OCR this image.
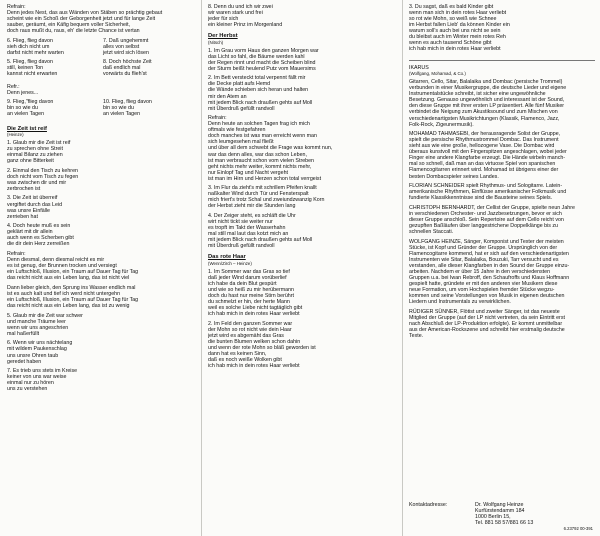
Refrain:

Denn jedes Nest, das aus Wänden von Stäben so prächtig gebaut
scheint wie ein Schoß der Geborgenheit jetzt und für lange Zeit
sauber, geräumt, ein Käfig bequem voller Sicherheit,
doch raus mußt du, raus, eh' die letzte Chance ist vertan

6. Flieg, flieg davon
sieh dich nicht um
darfst nicht mehr warten

7. Daß ungehemmt
alles von selbst
jetzt wird sich lösen

5. Flieg, flieg davon
still, keinen Ton
kannst nicht erwarten

8. Doch höchste Zeit
daß endlich mal
vorwärts du flieh'st

Refr.:
Denn jenes...

9. Flieg,"flieg davon
bin so wie du
an vielen Tagen

10. Flieg, flieg davon
bin so wie du
an vielen Tagen

Die Zeit ist reif

(Heinze)

1. Glaub mir die Zeit ist reif
zu sprechen ohne Streit
einmal Bilanz zu ziehen
ganz ohne Bitterkeit

2. Einmal den Tisch zu kehren
doch nicht vom Tisch zu fegen
was zwischen dir und mir
zerbrochen ist

3. Die Zeit ist überreif
vergiftet durch das Leid
was unsre Einfälle
zerrieben hat

4. Doch heute muß es sein
geklärt mit dir allein
auch wenn es Scherben gibt
die dir dein Herz zerreißen

Refrain:

Denn diesmal, denn diesmal reicht es mir
es ist genug, der Brunnen trocken und versiegt
ein Luftschloß, Illusion, ein Traum auf Dauer Tag für Tag
das reicht nicht aus ein Leben lang, das ist nicht viel

Dann lieber gleich, den Sprung ins Wasser endlich mal
ist es auch kalt und tief ich werd nicht untergehn
ein Luftschloß, Illusion, ein Traum auf Dauer Tag für Tag
das reicht nicht aus ein Leben lang, das ist zu wenig

5. Glaub mir die Zeit war schwer
und manche Träume leer
wenn wir uns angeschrien
mal haßerfüllt

6. Wenn wir uns nächtelang
mit wildem Paukenschlag
uns unsre Ohren taub
geredet haben

7. Es trieb uns stets im Kreise
keiner von uns war weise
einmal nur zu hören
uns zu verstehen

8. Denn du und ich wir zwei
wir waren stark und frei
jeder für sich
ein kleiner Prinz im Morgenland

Der Herbst

(Nitsch)

1. Im Grau vorm Haus den ganzen Morgen war
das Licht so fahl, die Bäume werden kahl
der Regen rinnt und macht die Scheiben blind
der Sturm beißt heulend Putz vom Mauersims

2. Im Bett versteckt total verpennt fällt mir
die Decke platt aufs Hemd
die Wände schieben sich heran und halten
mir den Atem an
mit jedem Blick nach draußen gehts auf Moll
mit Überdruß gefüllt randvoll

Refrain:

Denn heute an solchen Tagen frag ich mich
oftmals wie festgefahren
doch manches ist was man erreicht wenn man
sich leumgesehen mal fließt
und über all dem schwebt die Frage was kommt nun,
war das denn alles, war das schon Leben,
ist man verbraucht schon vom vielen Streben
geht nichts mehr weiter, kommt nichts mehr,
nur Einlopf Tag und Nacht vergeht
ist man im Hirn und Herzen schon total verrgeist

3. Im Flur da zieht's mit schrillem Pfeifen knallt
naßkalter Wind durch Tür und Fensterspalt
mich friert's trotz Schal und zweiundzwanzig Korn
der Herbst zieht mir die Stunden lang

4. Der Zeiger steht, es schläft die Uhr
wirt nicht tickt sie weiter nur
es tropft im Takt der Wasserhahn
mal still mal laut das kotzt mich an
mit jedem Blick nach draußen gehts auf Moll
mit Überdruß gefüllt randvoll

Das rote Haar

(Wenn/Zirch – Heinze)

1. Im Sommer war das Gras so tief
daß jeder Wind darum vorüberlief
ich habe da dein Blut gespürt
und wie so heiß zu mir herübermann
doch du hast nur meine Stirn berührt
du schmelzt er hin, der herte Mann
weil es solche Liebe nicht tagtäglich gibt
ich hab mich in dein rotes Haar verliebt

2. Im Feld den ganzen Sommer war
der Mohn so rot nicht wie dein Haar
jetzt wird es abgemäht das Gras
die bunten Blumen welken schon dahin
und wenn der rote Mohn so bläß geworden ist
dann hat es keinen Sinn,
daß es noch weiße Wolken gibt
ich hab mich in dein rotes Haar verliebt

3. Du sagst, daß es bald Kinder gibt
wenn man sich in dein rotes Haar verliebt
so rot wie Mohn, so weiß wie Schnee
im Herbst fallen Lieb' da können Kinder ein
warum soll's auch bei uns nicht se sein
du bleibst auch im Winter mein rotes Reh
wenn es auch tausend Schöne gibt
ich hab mich in dein rotes Haar verliebt

IKARUS

(Wolfgang, Mohamad, & Co.)

Gitarren, Cello, Sitar, Balalaika und Dombac (persische Trommel)
verbunden in einer Musikergruppe, die deutsche Lieder und eigene
Instrumentalstücke schreibt, ist sicher eine ungewöhnliche
Besetzung. Genauso ungewöhnlich und interessant ist der Sound,
den diese Gruppe mit ihrer ersten LP präsentiert. Alle fünf Musiker
verbindet die Neigung zum Akustiksound und zum Mischen von
verschiedenartigsten Musikrichtungen (Klassik, Flamenco, Jazz,
Folk-Rock, Zigeunermusik).

MOHAMAD TAHMASEBI, der herausragende Solist der Gruppe,
spielt die persische Rhythmustrommel Dombac. Das Instrument
sieht aus wie eine große, hellozogene Vase. Die Dombac wird
überaus kunstvoll mit den Fingerspitzen angeschlagen, wobei jeder
Finger eine andere Klangfarbe erzeugt. Die Hände wirbeln manch-
mal so schnell, daß man an das virtuose Spiel von spanischen
Flamencogitarren erinnert wird. Mohamad ist übrigens einer der
besten Dombacspieler seines Landes.

FLORIAN SCHNEIDER spielt Rhythmus- und Sologitarre. Latein-
amerikanische Rhythmen, Einflüsse amerikanischer Folkmusik und
fundierte Klassikkenntnisse sind die Bausteine seines Spiels.

CHRISTOPH BERNHARDT, der Cellist der Gruppe, spielte neun Jahre
in verschiedenen Orchester- und Jazzbesetzungen, bevor er sich
dieser Gruppe anschloß. Sein Repertoire auf dem Cello reicht von
gezupften Baßläufen über langgestrichene Doppelklänge bis zu
schnellen Staccati.

WOLFGANG HEINZE, Sänger, Komponist und Texter der meisten
Stücke, ist Kopf und Gründer der Gruppe. Ursprünglich von der
Flamencogitarre kommend, hat er sich auf den verschiedenartigsten
Instrumenten wie Sitar, Balalaika, Bouzuki, Tarr versucht und es
verstanden, alle dieser Klangfarben in den Sound der Gruppe einzu-
arbeiten. Nachdem er über 15 Jahre in den verschiedensten
Gruppen u.a. bei Iwan Rebroff, den Schaufroffs und Klaus Hoffmann
gespielt hatte, gründete er mit den anderen vier Musikern diese
neue Formation, um vom Hochspielen fremder Stücke wegzu-
kommen und seine Vorstellungen von Musik in eigenen deutschen
Liedern und Instrumentals zu verwirklichen.

RÜDIGER SÜNNER, Flötist und zweiter Sänger, ist das neueste
Mitglied der Gruppe (auf der LP nicht vertreten, da sein Eintritt erst
nach Abschluß der LP-Produktion erfolgte). Er kommt unmittelbar
aus der American-Rockszene und schreibt hier erstmalig deutsche
Texte.

Kontaktadresse:	Dr. Wolfgang Heinze
Kurfürstendamm 184
1000 Berlin 15,
Tel. 881 58 57/881 66 13
6.23792 00-391
